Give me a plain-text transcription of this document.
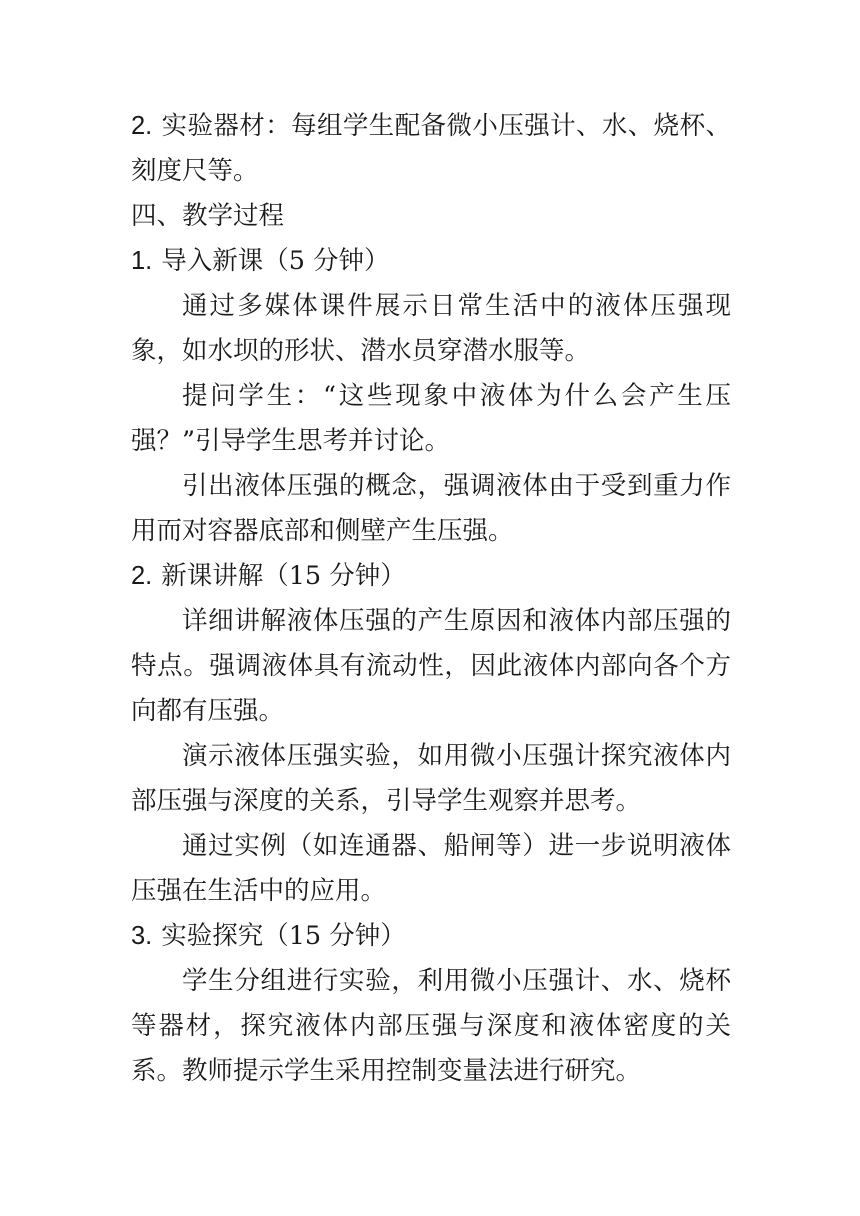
2. 实验器材：每组学生配备微小压强计、水、烧杯、刻度尺等。

四、教学过程

1. 导入新课（5 分钟）

通过多媒体课件展示日常生活中的液体压强现象，如水坝的形状、潜水员穿潜水服等。

提问学生：“这些现象中液体为什么会产生压强？”引导学生思考并讨论。

引出液体压强的概念，强调液体由于受到重力作用而对容器底部和侧壁产生压强。

2. 新课讲解（15 分钟）

详细讲解液体压强的产生原因和液体内部压强的特点。强调液体具有流动性，因此液体内部向各个方向都有压强。

演示液体压强实验，如用微小压强计探究液体内部压强与深度的关系，引导学生观察并思考。

通过实例（如连通器、船闸等）进一步说明液体压强在生活中的应用。

3. 实验探究（15 分钟）

学生分组进行实验，利用微小压强计、水、烧杯等器材，探究液体内部压强与深度和液体密度的关系。教师提示学生采用控制变量法进行研究。
